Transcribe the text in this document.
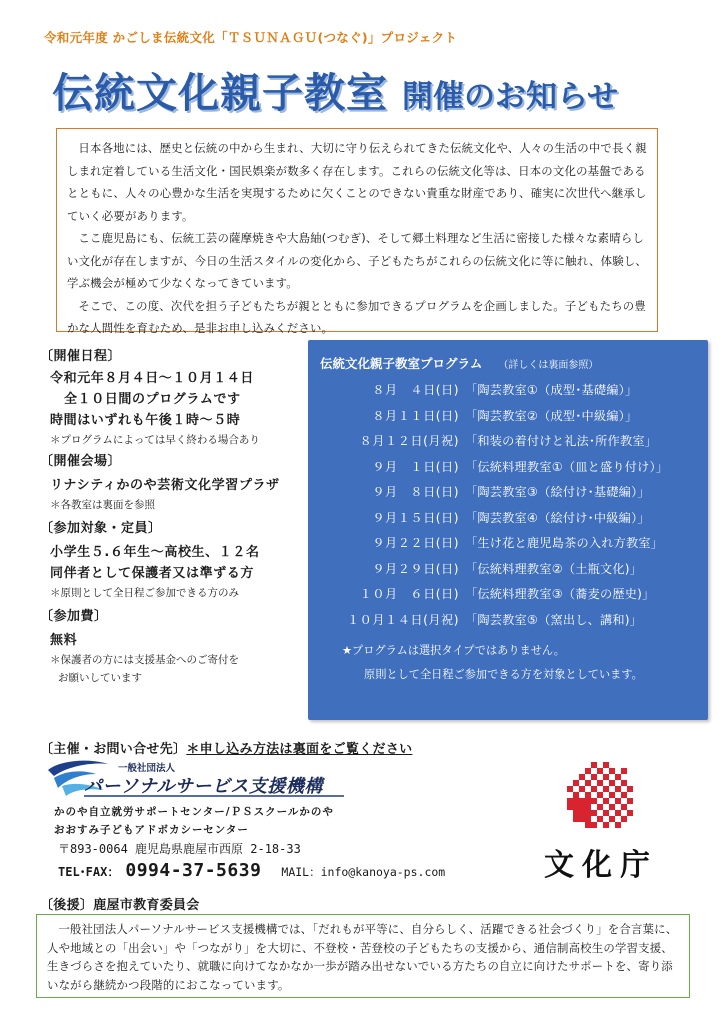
令和元年度 かごしま伝統文化「ＴＳＵＮＡＧＵ(つなぐ)」プロジェクト
伝統文化親子教室 開催のお知らせ

日本各地には、歴史と伝統の中から生まれ、大切に守り伝えられてきた伝統文化や、人々の生活の中で長く親しまれ定着している生活文化・国民娯楽が数多く存在します。これらの伝統文化等は、日本の文化の基盤であるとともに、人々の心豊かな生活を実現するために欠くことのできない貴重な財産であり、確実に次世代へ継承していく必要があります。

ここ鹿児島にも、伝統工芸の薩摩焼きや大島紬(つむぎ)、そして郷土料理など生活に密接した様々な素晴らしい文化が存在しますが、今日の生活スタイルの変化から、子どもたちがこれらの伝統文化に等に触れ、体験し、学ぶ機会が極めて少なくなってきています。

そこで、この度、次代を担う子どもたちが親とともに参加できるプログラムを企画しました。子どもたちの豊かな人間性を育むため、是非お申し込みください。

〔開催日程〕
令和元年８月４日～１０月１４日
全１０日間のプログラムです
時間はいずれも午後１時～５時
＊プログラムによっては早く終わる場合あり
〔開催会場〕
リナシティかのや芸術文化学習プラザ
＊各教室は裏面を参照
〔参加対象・定員〕
小学生５.６年生～高校生、１２名
同伴者として保護者又は準ずる方
＊原則として全日程ご参加できる方のみ
〔参加費〕
無料
＊保護者の方には支援基金へのご寄付を
お願いしています
伝統文化親子教室プログラム （詳しくは裏面参照）
８月　４日(日) 「陶芸教室①（成型･基礎編）」
８月１１日(日) 「陶芸教室②（成型･中級編）」
８月１２日(月祝) 「和装の着付けと礼法･所作教室」
９月　１日(日) 「伝統料理教室①（皿と盛り付け）」
９月　８日(日) 「陶芸教室③（絵付け･基礎編）」
９月１５日(日) 「陶芸教室④（絵付け･中級編）」
９月２２日(日) 「生け花と鹿児島茶の入れ方教室」
９月２９日(日) 「伝統料理教室②（土瓶文化)」
１０月　６日(日) 「伝統料理教室③（蕎麦の歴史)」
１０月１４日(月祝) 「陶芸教室⑤（窯出し、講和)」
★プログラムは選択タイプではありません。
原則として全日程ご参加できる方を対象としています。
〔主催・お問い合せ先〕＊申し込み方法は裏面をご覧ください
一般社団法人
パーソナルサービス支援機構
かのや自立就労サポートセンター/ＰＳスクールかのや
おおすみ子どもアドボカシーセンター
〒893-0064 鹿児島県鹿屋市西原 2-18-33
TEL･FAX： 0994-37-5639 MAIL：info@kanoya-ps.com
〔後援〕鹿屋市教育委員会
文化庁

一般社団法人パーソナルサービス支援機構では、「だれもが平等に、自分らしく、活躍できる社会づくり」を合言葉に、人や地域との「出会い」や「つながり」を大切に、不登校・苦登校の子どもたちの支援から、通信制高校生の学習支援、生きづらさを抱えていたり、就職に向けてなかなか一歩が踏み出せないでいる方たちの自立に向けたサポートを、寄り添いながら継続かつ段階的におこなっています。
